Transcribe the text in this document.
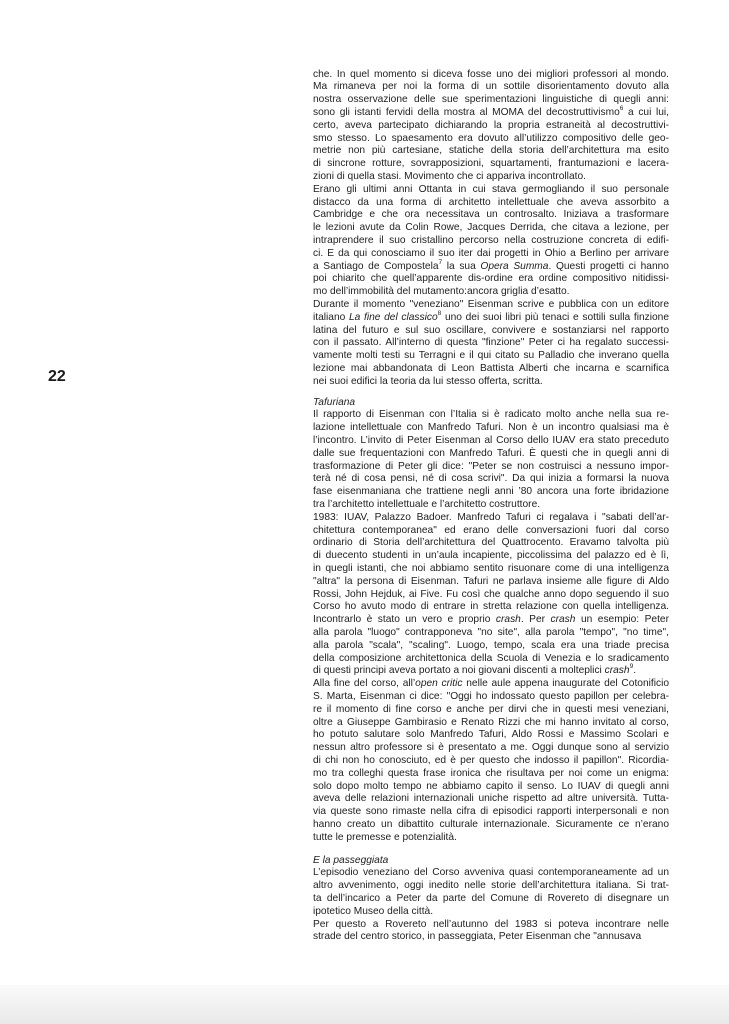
22
che. In quel momento si diceva fosse uno dei migliori professori al mondo.
Ma rimaneva per noi la forma di un sottile disorientamento dovuto alla
nostra osservazione delle sue sperimentazioni linguistiche di quegli anni:
sono gli istanti fervidi della mostra al MOMA del decostruttivismo$^6$ a cui lui,
certo, aveva partecipato dichiarando la propria estraneità al decostruttivi-
smo stesso. Lo spaesamento era dovuto all’utilizzo compositivo delle geo-
metrie non più cartesiane, statiche della storia dell’architettura ma esito
di sincrone rotture, sovrapposizioni, squartamenti, frantumazioni e lacera-
zioni di quella stasi. Movimento che ci appariva incontrollato.
Erano gli ultimi anni Ottanta in cui stava germogliando il suo personale
distacco da una forma di architetto intellettuale che aveva assorbito a
Cambridge e che ora necessitava un controsalto. Iniziava a trasformare
le lezioni avute da Colin Rowe, Jacques Derrida, che citava a lezione, per
intraprendere il suo cristallino percorso nella costruzione concreta di edifi-
ci. E da qui conosciamo il suo iter dai progetti in Ohio a Berlino per arrivare
a Santiago de Compostela$^7$ la sua Opera Summa. Questi progetti ci hanno
poi chiarito che quell’apparente dis-ordine era ordine compositivo nitidissi-
mo dell’immobilità del mutamento:ancora griglia d’esatto.
Durante il momento "veneziano" Eisenman scrive e pubblica con un editore
italiano La fine del classico$^8$ uno dei suoi libri più tenaci e sottili sulla finzione
latina del futuro e sul suo oscillare, convivere e sostanziarsi nel rapporto
con il passato. All’interno di questa "finzione" Peter ci ha regalato successi-
vamente molti testi su Terragni e il qui citato su Palladio che inverano quella
lezione mai abbandonata di Leon Battista Alberti che incarna e scarnifica
nei suoi edifici la teoria da lui stesso offerta, scritta.
Tafuriana
Il rapporto di Eisenman con l’Italia si è radicato molto anche nella sua re-
lazione intellettuale con Manfredo Tafuri. Non è un incontro qualsiasi ma è
l’incontro. L’invito di Peter Eisenman al Corso dello IUAV era stato preceduto
dalle sue frequentazioni con Manfredo Tafuri. È questi che in quegli anni di
trasformazione di Peter gli dice: "Peter se non costruisci a nessuno impor-
terà né di cosa pensi, né di cosa scrivi". Da qui inizia a formarsi la nuova
fase eisenmaniana che trattiene negli anni ’80 ancora una forte ibridazione
tra l’architetto intellettuale e l’architetto costruttore.
1983: IUAV, Palazzo Badoer. Manfredo Tafuri ci regalava i "sabati dell’ar-
chitettura contemporanea" ed erano delle conversazioni fuori dal corso
ordinario di Storia dell’architettura del Quattrocento. Eravamo talvolta più
di duecento studenti in un’aula incapiente, piccolissima del palazzo ed è lì,
in quegli istanti, che noi abbiamo sentito risuonare come di una intelligenza
"altra" la persona di Eisenman. Tafuri ne parlava insieme alle figure di Aldo
Rossi, John Hejduk, ai Five. Fu così che qualche anno dopo seguendo il suo
Corso ho avuto modo di entrare in stretta relazione con quella intelligenza.
Incontrarlo è stato un vero e proprio crash. Per crash un esempio: Peter
alla parola "luogo" contrapponeva "no site", alla parola "tempo", "no time",
alla parola "scala", "scaling". Luogo, tempo, scala era una triade precisa
della composizione architettonica della Scuola di Venezia e lo sradicamento
di questi principi aveva portato a noi giovani discenti a molteplici crash$^9$.
Alla fine del corso, all’open critic nelle aule appena inaugurate del Cotonificio
S. Marta, Eisenman ci dice: "Oggi ho indossato questo papillon per celebra-
re il momento di fine corso e anche per dirvi che in questi mesi veneziani,
oltre a Giuseppe Gambirasio e Renato Rizzi che mi hanno invitato al corso,
ho potuto salutare solo Manfredo Tafuri, Aldo Rossi e Massimo Scolari e
nessun altro professore si è presentato a me. Oggi dunque sono al servizio
di chi non ho conosciuto, ed è per questo che indosso il papillon". Ricordia-
mo tra colleghi questa frase ironica che risultava per noi come un enigma:
solo dopo molto tempo ne abbiamo capito il senso. Lo IUAV di quegli anni
aveva delle relazioni internazionali uniche rispetto ad altre università. Tutta-
via queste sono rimaste nella cifra di episodici rapporti interpersonali e non
hanno creato un dibattito culturale internazionale. Sicuramente ce n’erano
tutte le premesse e potenzialità.
E la passeggiata
L’episodio veneziano del Corso avveniva quasi contemporaneamente ad un
altro avvenimento, oggi inedito nelle storie dell’architettura italiana. Si trat-
ta dell’incarico a Peter da parte del Comune di Rovereto di disegnare un
ipotetico Museo della città.
Per questo a Rovereto nell’autunno del 1983 si poteva incontrare nelle
strade del centro storico, in passeggiata, Peter Eisenman che "annusava
